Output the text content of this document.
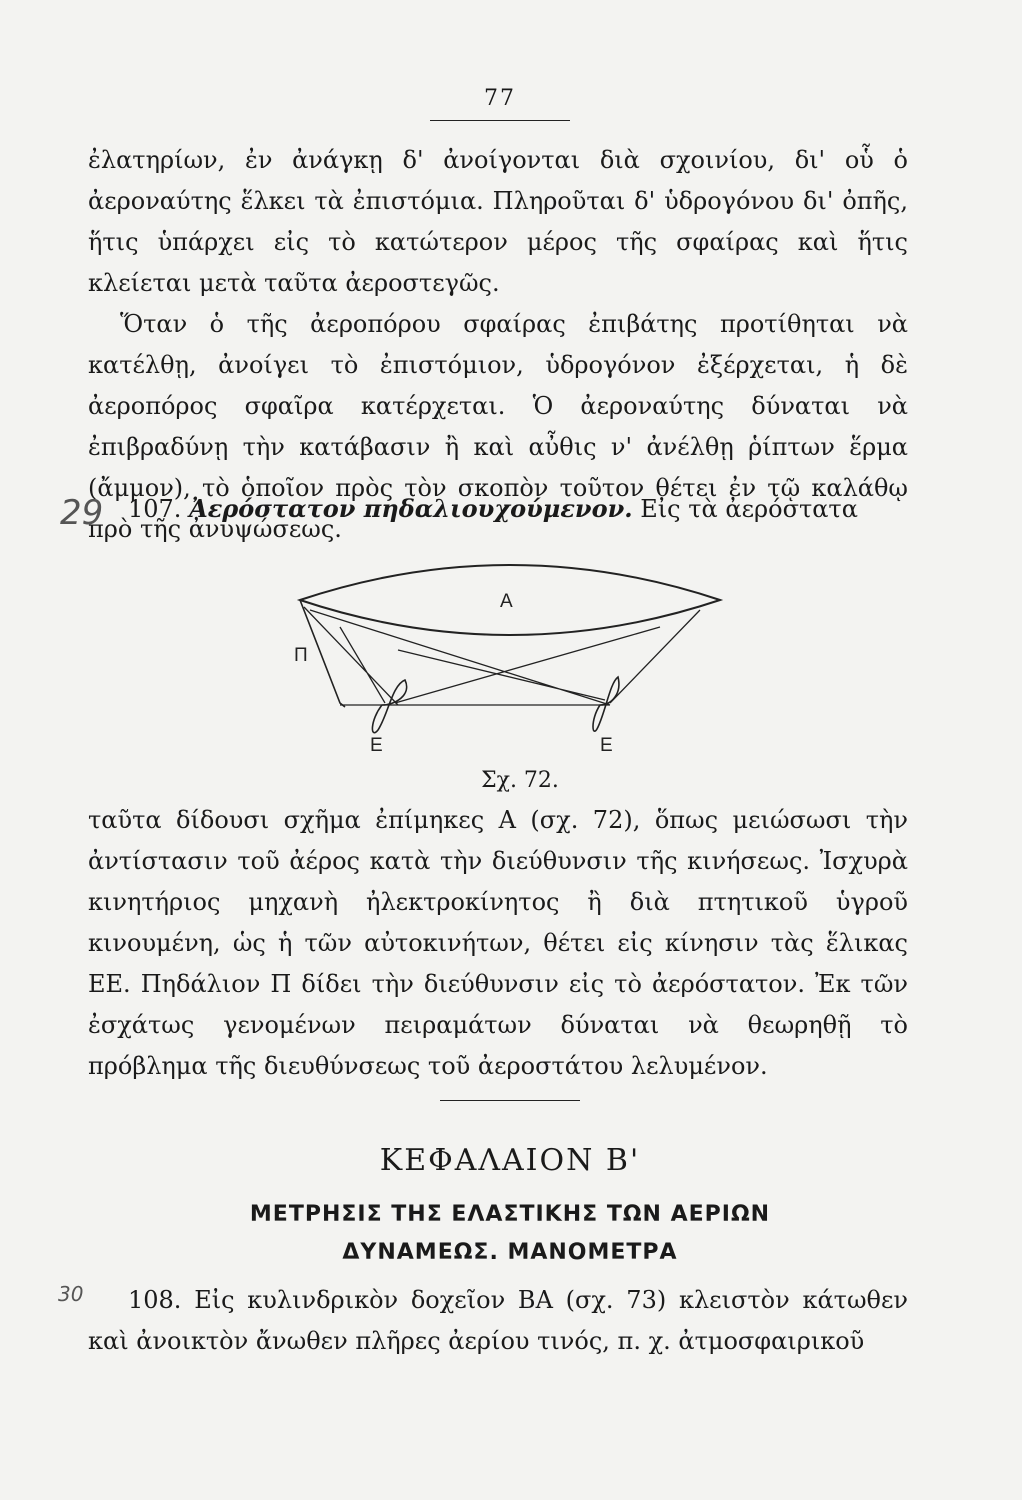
77

ἐλατηρίων, ἐν ἀνάγκῃ δ' ἀνοίγονται διὰ σχοινίου, δι' οὗ ὁ ἀεροναύτης ἕλκει τὰ ἐπιστόμια. Πληροῦται δ' ὑδρογόνου δι' ὀπῆς, ἥτις ὑπάρχει εἰς τὸ κατώτερον μέρος τῆς σφαίρας καὶ ἥτις κλείεται μετὰ ταῦτα ἀεροστεγῶς.

Ὅταν ὁ τῆς ἀεροπόρου σφαίρας ἐπιβάτης προτίθηται νὰ κατέλθῃ, ἀνοίγει τὸ ἐπιστόμιον, ὑδρογόνον ἐξέρχεται, ἡ δὲ ἀεροπόρος σφαῖρα κατέρχεται. Ὁ ἀεροναύτης δύναται νὰ ἐπιβραδύνῃ τὴν κατάβασιν ἢ καὶ αὖθις ν' ἀνέλθῃ ῥίπτων ἕρμα (ἄμμον), τὸ ὁποῖον πρὸς τὸν σκοπὸν τοῦτον θέτει ἐν τῷ καλάθῳ πρὸ τῆς ἀνυψώσεως.

29 107. Ἀερόστατον πηδαλιουχούμενον. Εἰς τὰ ἀερόστατα

Α
Π
Ε	Ε
Σχ. 72.

ταῦτα δίδουσι σχῆμα ἐπίμηκες Α (σχ. 72), ὅπως μειώσωσι τὴν ἀντίστασιν τοῦ ἀέρος κατὰ τὴν διεύθυνσιν τῆς κινήσεως. Ἰσχυρὰ κινητήριος μηχανὴ ἠλεκτροκίνητος ἢ διὰ πτητικοῦ ὑγροῦ κινουμένη, ὡς ἡ τῶν αὐτοκινήτων, θέτει εἰς κίνησιν τὰς ἕλικας ΕΕ. Πηδάλιον Π δίδει τὴν διεύθυνσιν εἰς τὸ ἀερόστατον. Ἐκ τῶν ἐσχάτως γενομένων πειραμάτων δύναται νὰ θεωρηθῇ τὸ πρόβλημα τῆς διευθύνσεως τοῦ ἀεροστάτου λελυμένον.

ΚΕΦΑΛΑΙΟΝ Β'
ΜΕΤΡΗΣΙΣ ΤΗΣ ΕΛΑΣΤΙΚΗΣ ΤΩΝ ΑΕΡΙΩΝ
ΔΥΝΑΜΕΩΣ. ΜΑΝΟΜΕΤΡΑ
30	108. Εἰς κυλινδρικὸν δοχεῖον ΒΑ (σχ. 73) κλειστὸν κάτωθεν καὶ ἀνοικτὸν ἄνωθεν πλῆρες ἀερίου τινός, π. χ. ἀτμοσφαιρικοῦ
